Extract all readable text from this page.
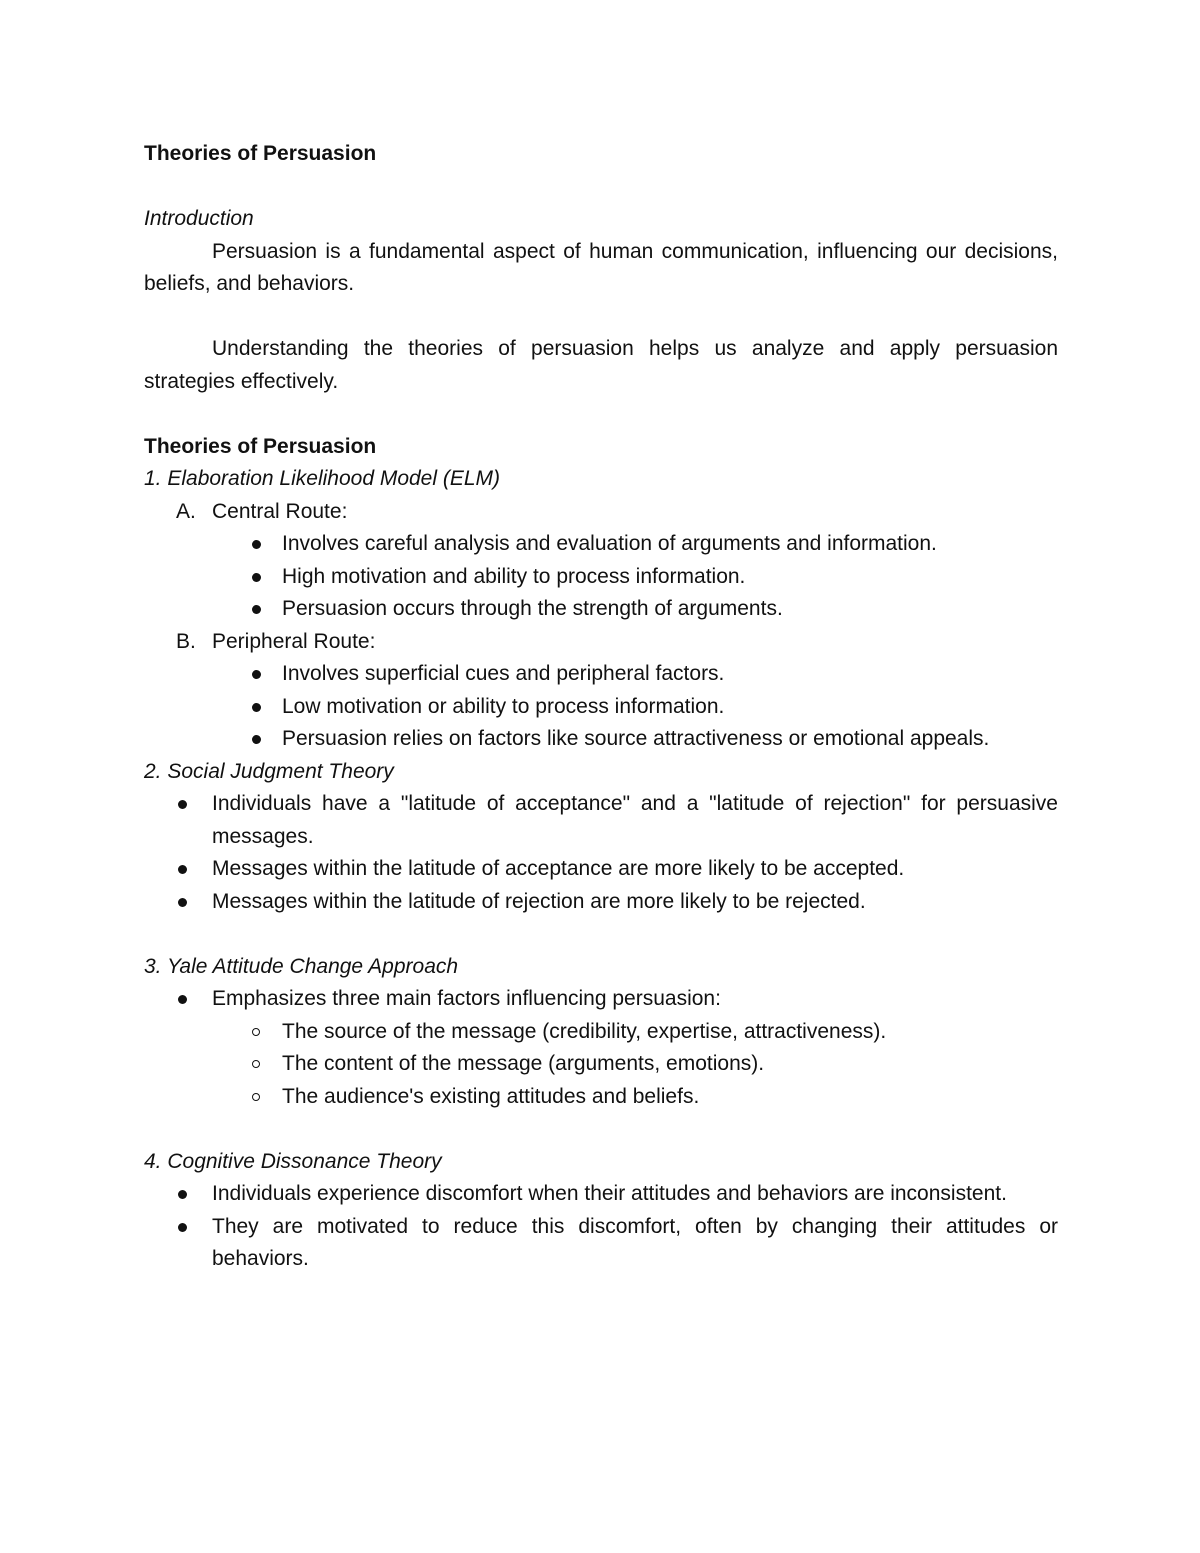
Theories of Persuasion

Introduction

Persuasion is a fundamental aspect of human communication, influencing our decisions, beliefs, and behaviors.

Understanding the theories of persuasion helps us analyze and apply persuasion strategies effectively.

Theories of Persuasion

1. Elaboration Likelihood Model (ELM)

A. Central Route:

Involves careful analysis and evaluation of arguments and information.

High motivation and ability to process information.

Persuasion occurs through the strength of arguments.

B. Peripheral Route:

Involves superficial cues and peripheral factors.

Low motivation or ability to process information.

Persuasion relies on factors like source attractiveness or emotional appeals.

2. Social Judgment Theory

Individuals have a "latitude of acceptance" and a "latitude of rejection" for persuasive messages.

Messages within the latitude of acceptance are more likely to be accepted.

Messages within the latitude of rejection are more likely to be rejected.

3. Yale Attitude Change Approach

Emphasizes three main factors influencing persuasion:

The source of the message (credibility, expertise, attractiveness).

The content of the message (arguments, emotions).

The audience's existing attitudes and beliefs.

4. Cognitive Dissonance Theory

Individuals experience discomfort when their attitudes and behaviors are inconsistent.

They are motivated to reduce this discomfort, often by changing their attitudes or behaviors.
